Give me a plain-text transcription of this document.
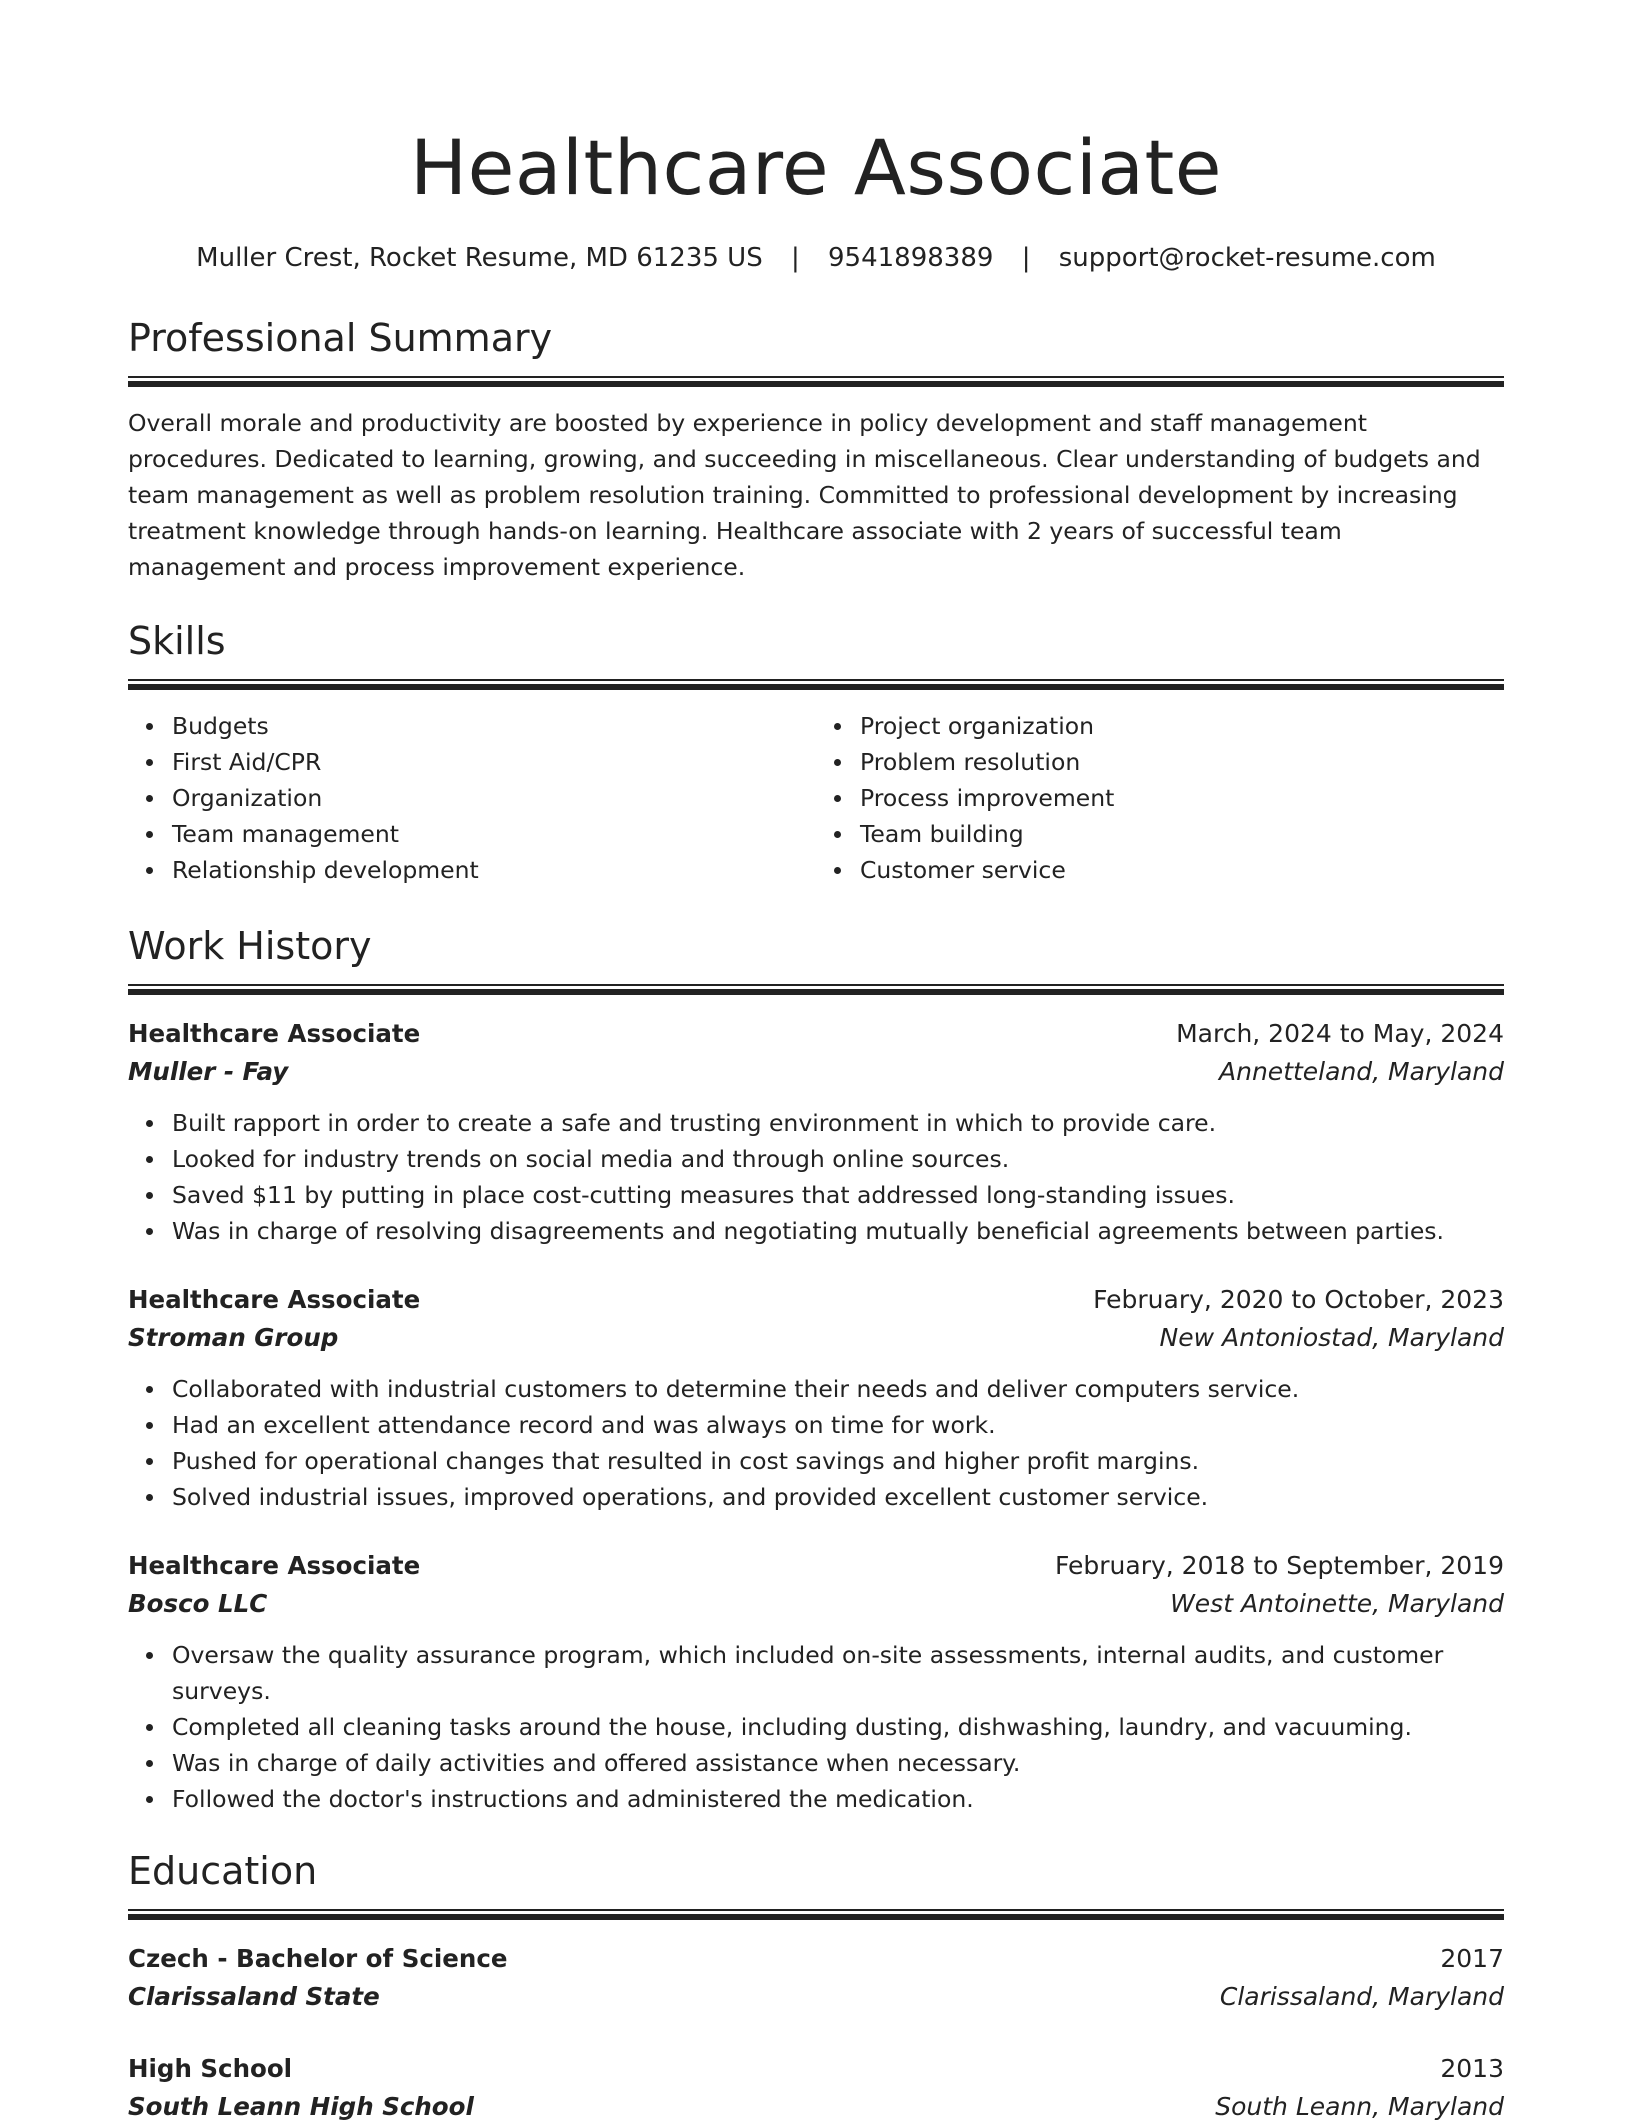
Healthcare Associate
Muller Crest, Rocket Resume, MD 61235 US | 9541898389 | support@rocket-resume.com
Professional Summary
Overall morale and productivity are boosted by experience in policy development and staff management procedures. Dedicated to learning, growing, and succeeding in miscellaneous. Clear understanding of budgets and team management as well as problem resolution training. Committed to professional development by increasing treatment knowledge through hands-on learning. Healthcare associate with 2 years of successful team management and process improvement experience.
Skills
Budgets
First Aid/CPR
Organization
Team management
Relationship development
Project organization
Problem resolution
Process improvement
Team building
Customer service
Work History
Healthcare Associate	March, 2024 to May, 2024
Muller - Fay	Annetteland, Maryland
Built rapport in order to create a safe and trusting environment in which to provide care.
Looked for industry trends on social media and through online sources.
Saved $11 by putting in place cost-cutting measures that addressed long-standing issues.
Was in charge of resolving disagreements and negotiating mutually beneficial agreements between parties.
Healthcare Associate	February, 2020 to October, 2023
Stroman Group	New Antoniostad, Maryland
Collaborated with industrial customers to determine their needs and deliver computers service.
Had an excellent attendance record and was always on time for work.
Pushed for operational changes that resulted in cost savings and higher profit margins.
Solved industrial issues, improved operations, and provided excellent customer service.
Healthcare Associate	February, 2018 to September, 2019
Bosco LLC	West Antoinette, Maryland
Oversaw the quality assurance program, which included on-site assessments, internal audits, and customer surveys.
Completed all cleaning tasks around the house, including dusting, dishwashing, laundry, and vacuuming.
Was in charge of daily activities and offered assistance when necessary.
Followed the doctor's instructions and administered the medication.
Education
Czech - Bachelor of Science	2017
Clarissaland State	Clarissaland, Maryland
High School	2013
South Leann High School	South Leann, Maryland
